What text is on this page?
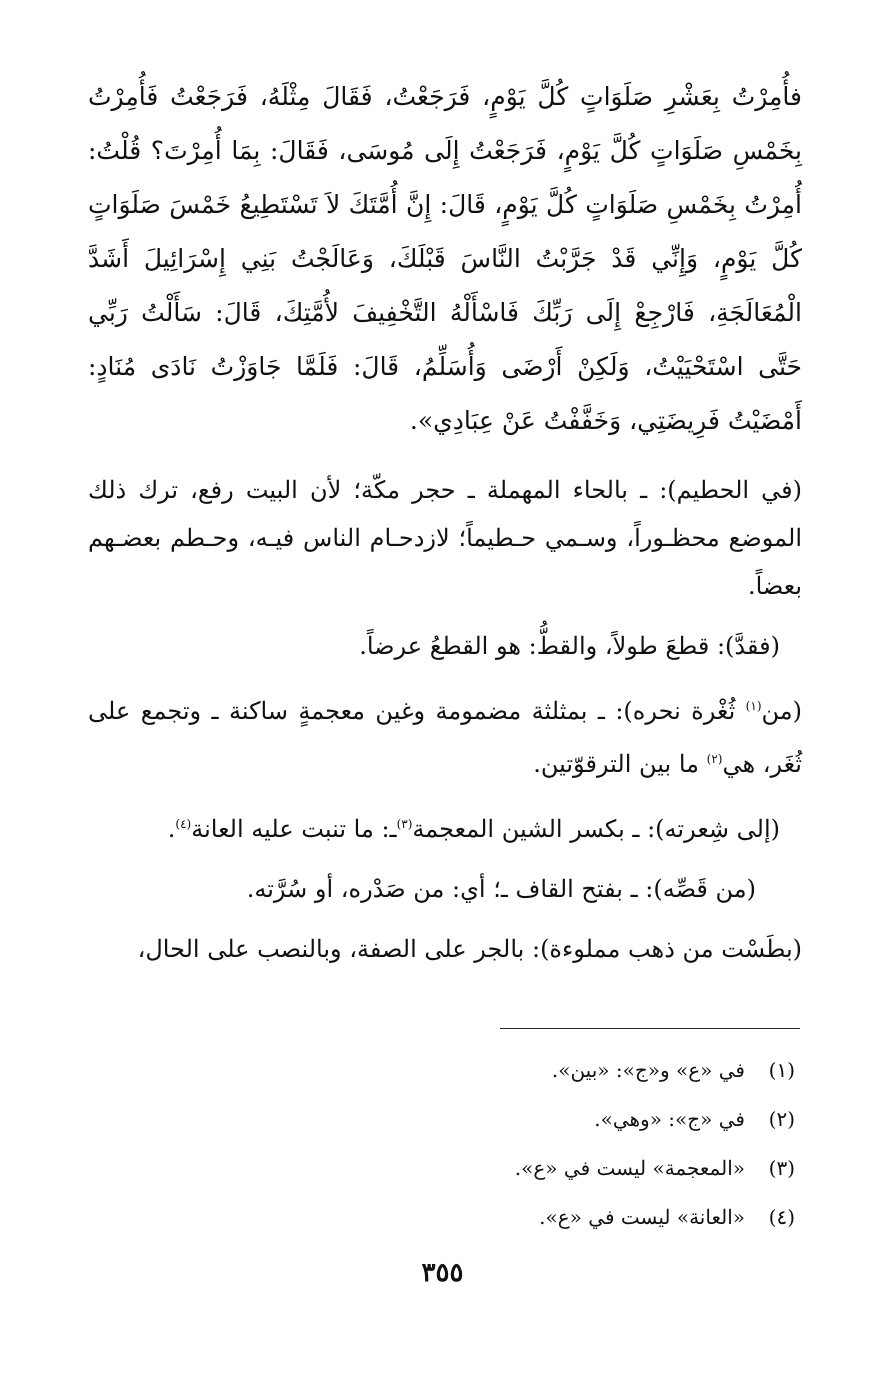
فأُمِرْتُ بِعَشْرِ صَلَوَاتٍ كُلَّ يَوْمٍ، فَرَجَعْتُ، فَقَالَ مِثْلَهُ، فَرَجَعْتُ فَأُمِرْتُ بِخَمْسِ صَلَوَاتٍ كُلَّ يَوْمٍ، فَرَجَعْتُ إِلَى مُوسَى، فَقَالَ: بِمَا أُمِرْتَ؟ قُلْتُ: أُمِرْتُ بِخَمْسِ صَلَوَاتٍ كُلَّ يَوْمٍ، قَالَ: إِنَّ أُمَّتَكَ لاَ تَسْتَطِيعُ خَمْسَ صَلَوَاتٍ كُلَّ يَوْمٍ، وَإِنِّي قَدْ جَرَّبْتُ النَّاسَ قَبْلَكَ، وَعَالَجْتُ بَنِي إِسْرَائِيلَ أَشَدَّ الْمُعَالَجَةِ، فَارْجِعْ إِلَى رَبِّكَ فَاسْأَلْهُ التَّخْفِيفَ لأُمَّتِكَ، قَالَ: سَأَلْتُ رَبِّي حَتَّى اسْتَحْيَيْتُ، وَلَكِنْ أَرْضَى وَأُسَلِّمُ، قَالَ: فَلَمَّا جَاوَزْتُ نَادَى مُنَادٍ: أَمْضَيْتُ فَرِيضَتِي، وَخَفَّفْتُ عَنْ عِبَادِي».

(في الحطيم): ـ بالحاء المهملة ـ حجر مكّة؛ لأن البيت رفع، ترك ذلك الموضع محظـوراً، وسـمي حـطيماً؛ لازدحـام الناس فيـه، وحـطم بعضـهم بعضاً.

(فقدَّ): قطعَ طولاً، والقطُّ: هو القطعُ عرضاً.

(من$^{(١)}$ ثُغْرة نحره): ـ بمثلثة مضمومة وغين معجمةٍ ساكنة ـ وتجمع على ثُغَر، هي$^{(٢)}$ ما بين الترقوّتين.

(إلى شِعرته): ـ بكسر الشين المعجمة$^{(٣)}$ـ: ما تنبت عليه العانة$^{(٤)}$.

(من قَصِّه): ـ بفتح القاف ـ؛ أي: من صَدْره، أو سُرَّته.

(بطَسْت من ذهب مملوءة): بالجر على الصفة، وبالنصب على الحال،

(١)في «ع» و«ج»: «بين».
(٢)في «ج»: «وهي».
(٣)«المعجمة» ليست في «ع».
(٤)«العانة» ليست في «ع».
٣٥٥
